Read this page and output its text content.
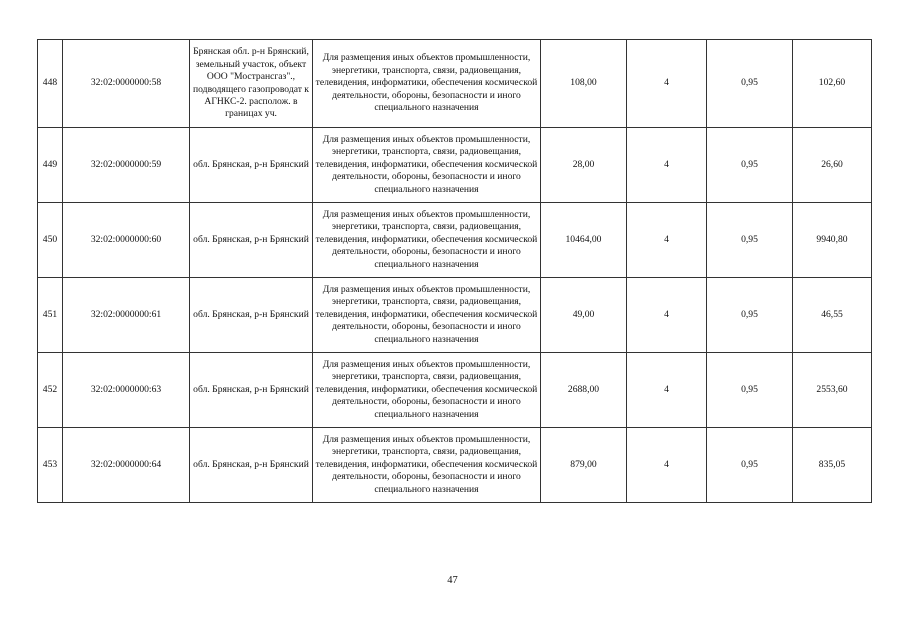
448	32:02:0000000:58	Брянская обл. р-н Брянский, земельный участок, объект ООО "Мострансгаз"., подводящего газопроводат к АГНКС-2. располож. в границах уч.	Для размещения иных объектов промышленности, энергетики, транспорта, связи, радиовещания, телевидения, информатики, обеспечения космической деятельности, обороны, безопасности и иного специального назначения	108,00	4	0,95	102,60
449	32:02:0000000:59	обл. Брянская, р-н Брянский	Для размещения иных объектов промышленности, энергетики, транспорта, связи, радиовещания, телевидения, информатики, обеспечения космической деятельности, обороны, безопасности и иного специального назначения	28,00	4	0,95	26,60
450	32:02:0000000:60	обл. Брянская, р-н Брянский	Для размещения иных объектов промышленности, энергетики, транспорта, связи, радиовещания, телевидения, информатики, обеспечения космической деятельности, обороны, безопасности и иного специального назначения	10464,00	4	0,95	9940,80
451	32:02:0000000:61	обл. Брянская, р-н Брянский	Для размещения иных объектов промышленности, энергетики, транспорта, связи, радиовещания, телевидения, информатики, обеспечения космической деятельности, обороны, безопасности и иного специального назначения	49,00	4	0,95	46,55
452	32:02:0000000:63	обл. Брянская, р-н Брянский	Для размещения иных объектов промышленности, энергетики, транспорта, связи, радиовещания, телевидения, информатики, обеспечения космической деятельности, обороны, безопасности и иного специального назначения	2688,00	4	0,95	2553,60
453	32:02:0000000:64	обл. Брянская, р-н Брянский	Для размещения иных объектов промышленности, энергетики, транспорта, связи, радиовещания, телевидения, информатики, обеспечения космической деятельности, обороны, безопасности и иного специального назначения	879,00	4	0,95	835,05
47
